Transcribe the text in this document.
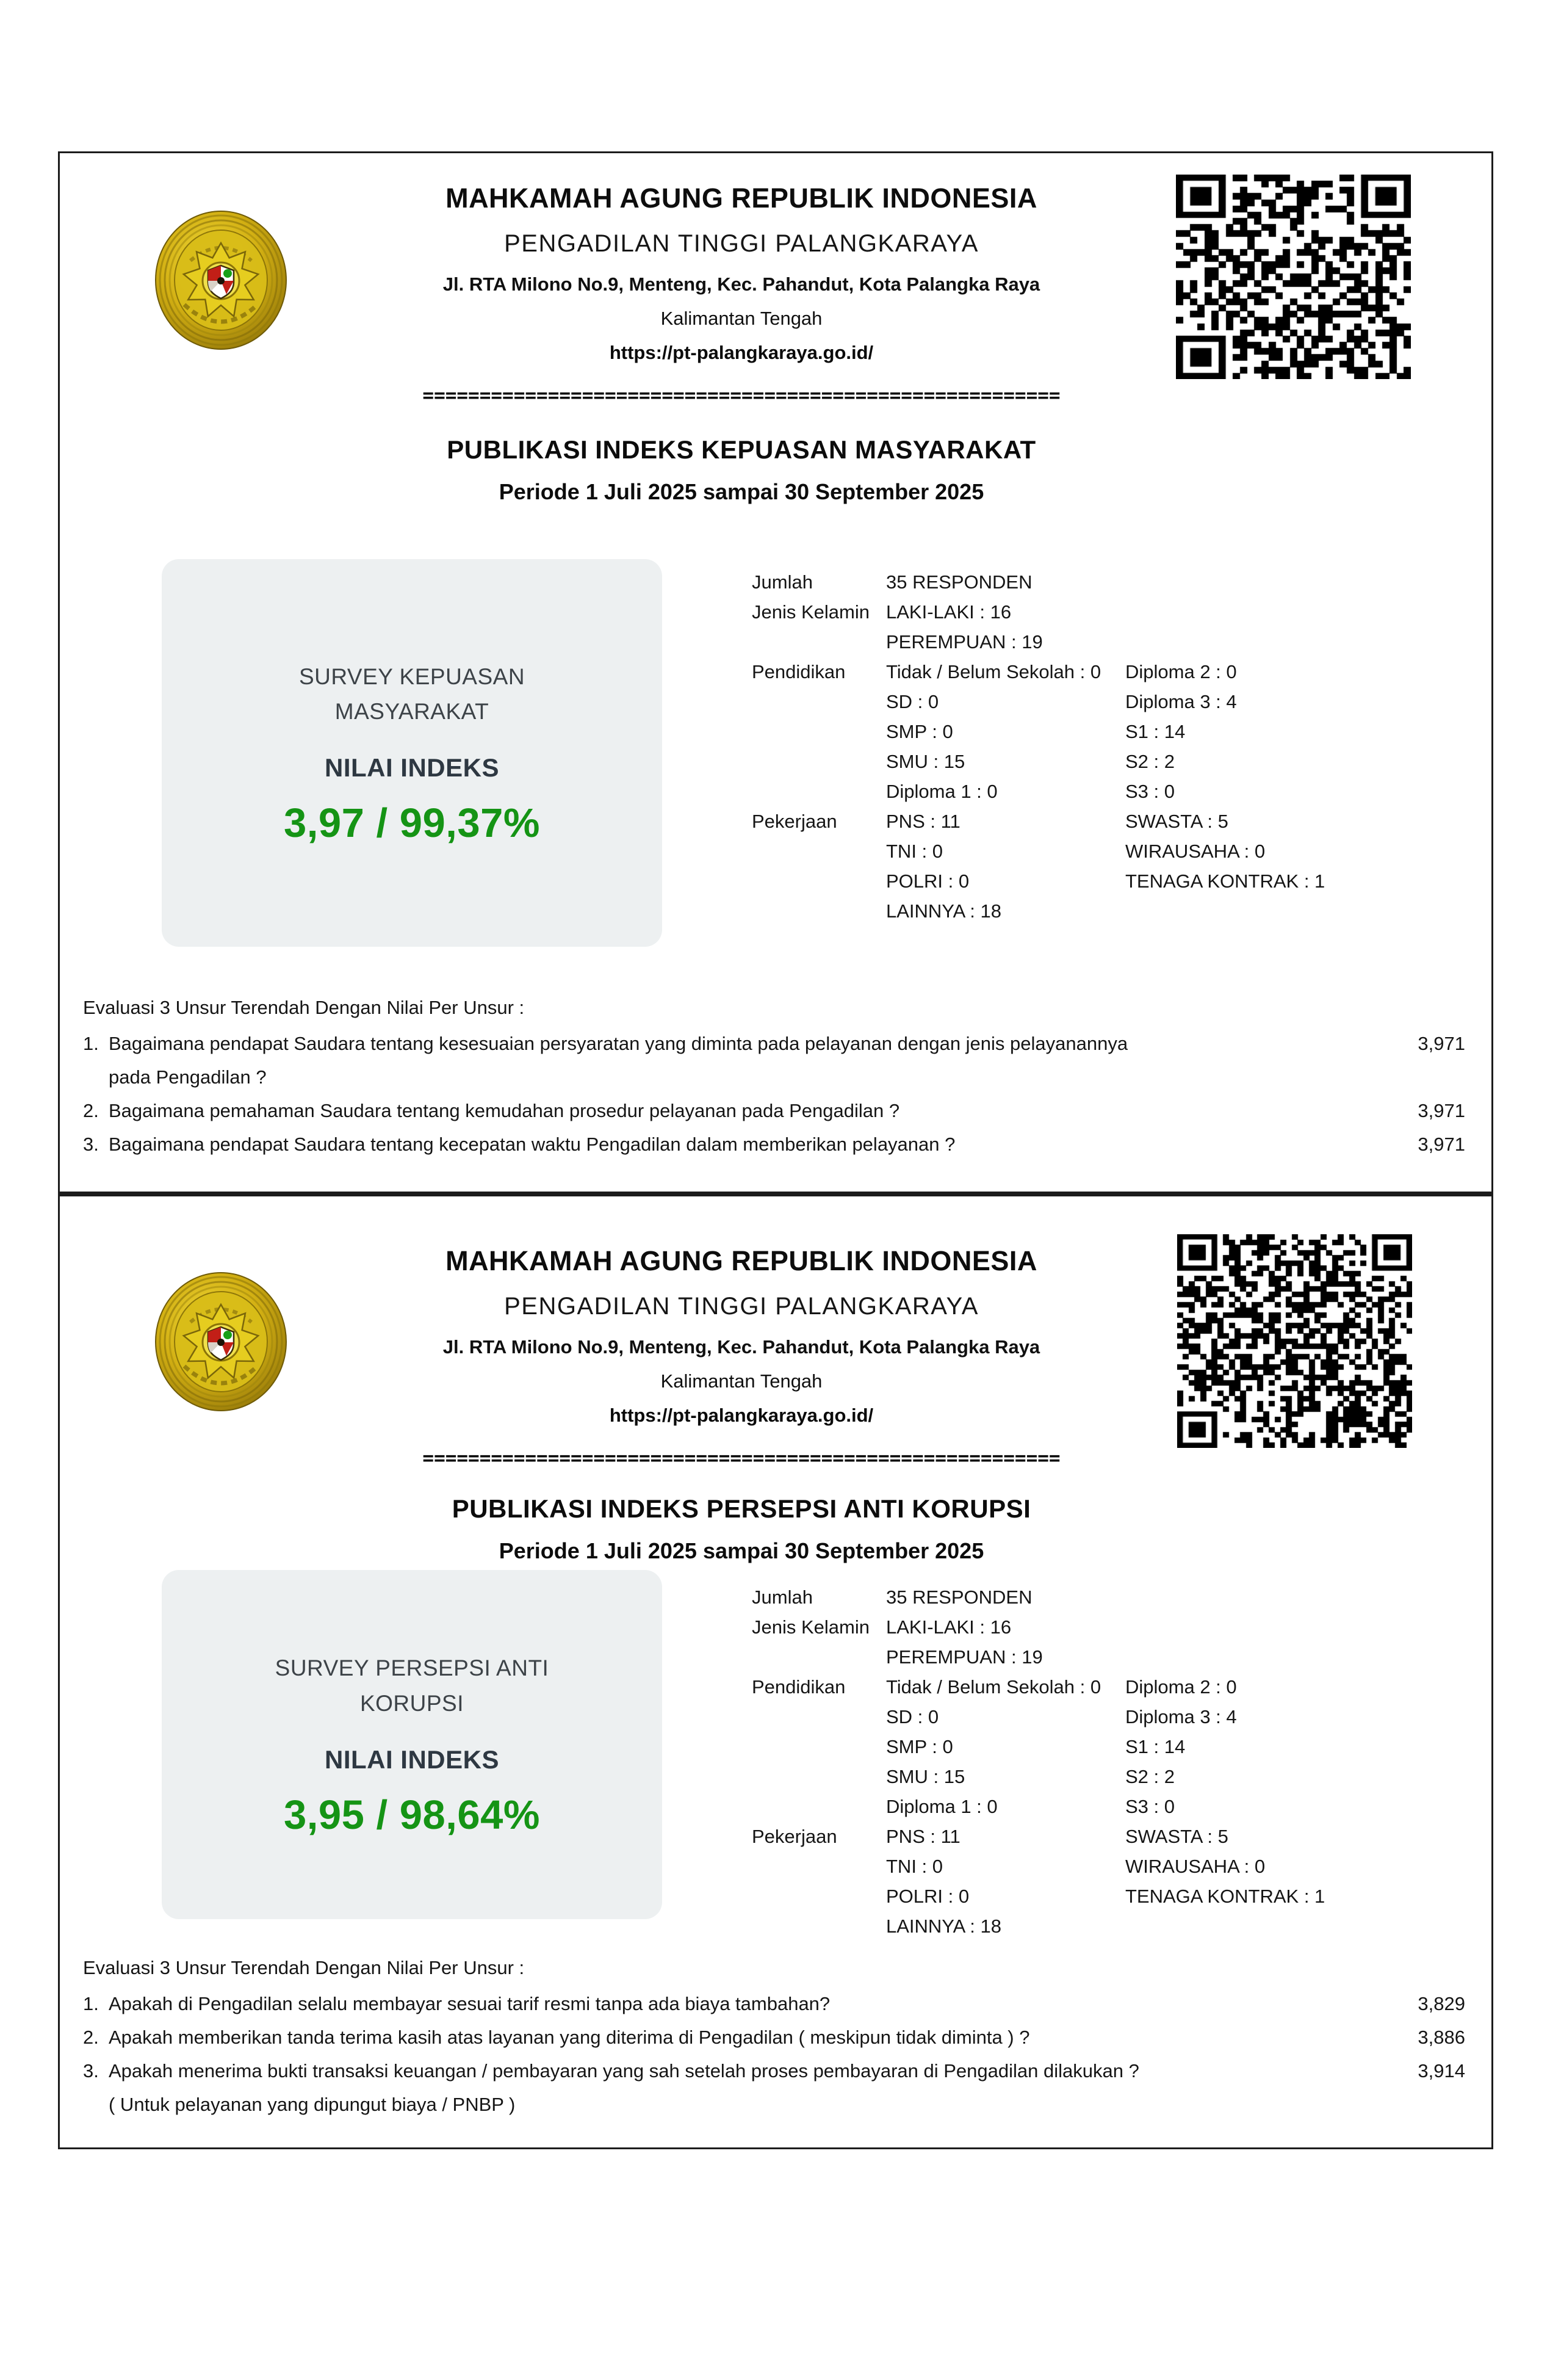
MAHKAMAH AGUNG REPUBLIK INDONESIA
PENGADILAN TINGGI PALANGKARAYA
Jl. RTA Milono No.9, Menteng, Kec. Pahandut, Kota Palangka Raya
Kalimantan Tengah
https://pt-palangkaraya.go.id/
========================================================
PUBLIKASI INDEKS KEPUASAN MASYARAKAT
Periode 1 Juli 2025 sampai 30 September 2025
SURVEY KEPUASAN MASYARAKAT
NILAI INDEKS
3,97 / 99,37%
Jumlah	35 RESPONDEN
Jenis Kelamin LAKI-LAKI : 16
PEREMPUAN : 19
Pendidikan	Tidak / Belum Sekolah : 0	Diploma 2 : 0
SD : 0	Diploma 3 : 4
SMP : 0	S1 : 14
SMU : 15	S2 : 2
Diploma 1 : 0	S3 : 0
Pekerjaan	PNS : 11	SWASTA : 5
TNI : 0	WIRAUSAHA : 0
POLRI : 0	TENAGA KONTRAK : 1
LAINNYA : 18
Evaluasi 3 Unsur Terendah Dengan Nilai Per Unsur :
1. Bagaimana pendapat Saudara tentang kesesuaian persyaratan yang diminta pada pelayanan dengan jenis pelayanannya pada Pengadilan ?
3,971
2. Bagaimana pemahaman Saudara tentang kemudahan prosedur pelayanan pada Pengadilan ?	3,971
3. Bagaimana pendapat Saudara tentang kecepatan waktu Pengadilan dalam memberikan pelayanan ?	3,971
MAHKAMAH AGUNG REPUBLIK INDONESIA
PENGADILAN TINGGI PALANGKARAYA
Jl. RTA Milono No.9, Menteng, Kec. Pahandut, Kota Palangka Raya
Kalimantan Tengah
https://pt-palangkaraya.go.id/
========================================================
PUBLIKASI INDEKS PERSEPSI ANTI KORUPSI
Periode 1 Juli 2025 sampai 30 September 2025
SURVEY PERSEPSI ANTI KORUPSI
NILAI INDEKS
3,95 / 98,64%
Jumlah	35 RESPONDEN
Jenis Kelamin LAKI-LAKI : 16
PEREMPUAN : 19
Pendidikan	Tidak / Belum Sekolah : 0	Diploma 2 : 0
SD : 0	Diploma 3 : 4
SMP : 0	S1 : 14
SMU : 15	S2 : 2
Diploma 1 : 0	S3 : 0
Pekerjaan	PNS : 11	SWASTA : 5
TNI : 0	WIRAUSAHA : 0
POLRI : 0	TENAGA KONTRAK : 1
LAINNYA : 18
Evaluasi 3 Unsur Terendah Dengan Nilai Per Unsur :
1. Apakah di Pengadilan selalu membayar sesuai tarif resmi tanpa ada biaya tambahan?	3,829
2. Apakah memberikan tanda terima kasih atas layanan yang diterima di Pengadilan ( meskipun tidak diminta ) ?	3,886
3. Apakah menerima bukti transaksi keuangan / pembayaran yang sah setelah proses pembayaran di Pengadilan dilakukan ? ( Untuk pelayanan yang dipungut biaya / PNBP )
3,914
